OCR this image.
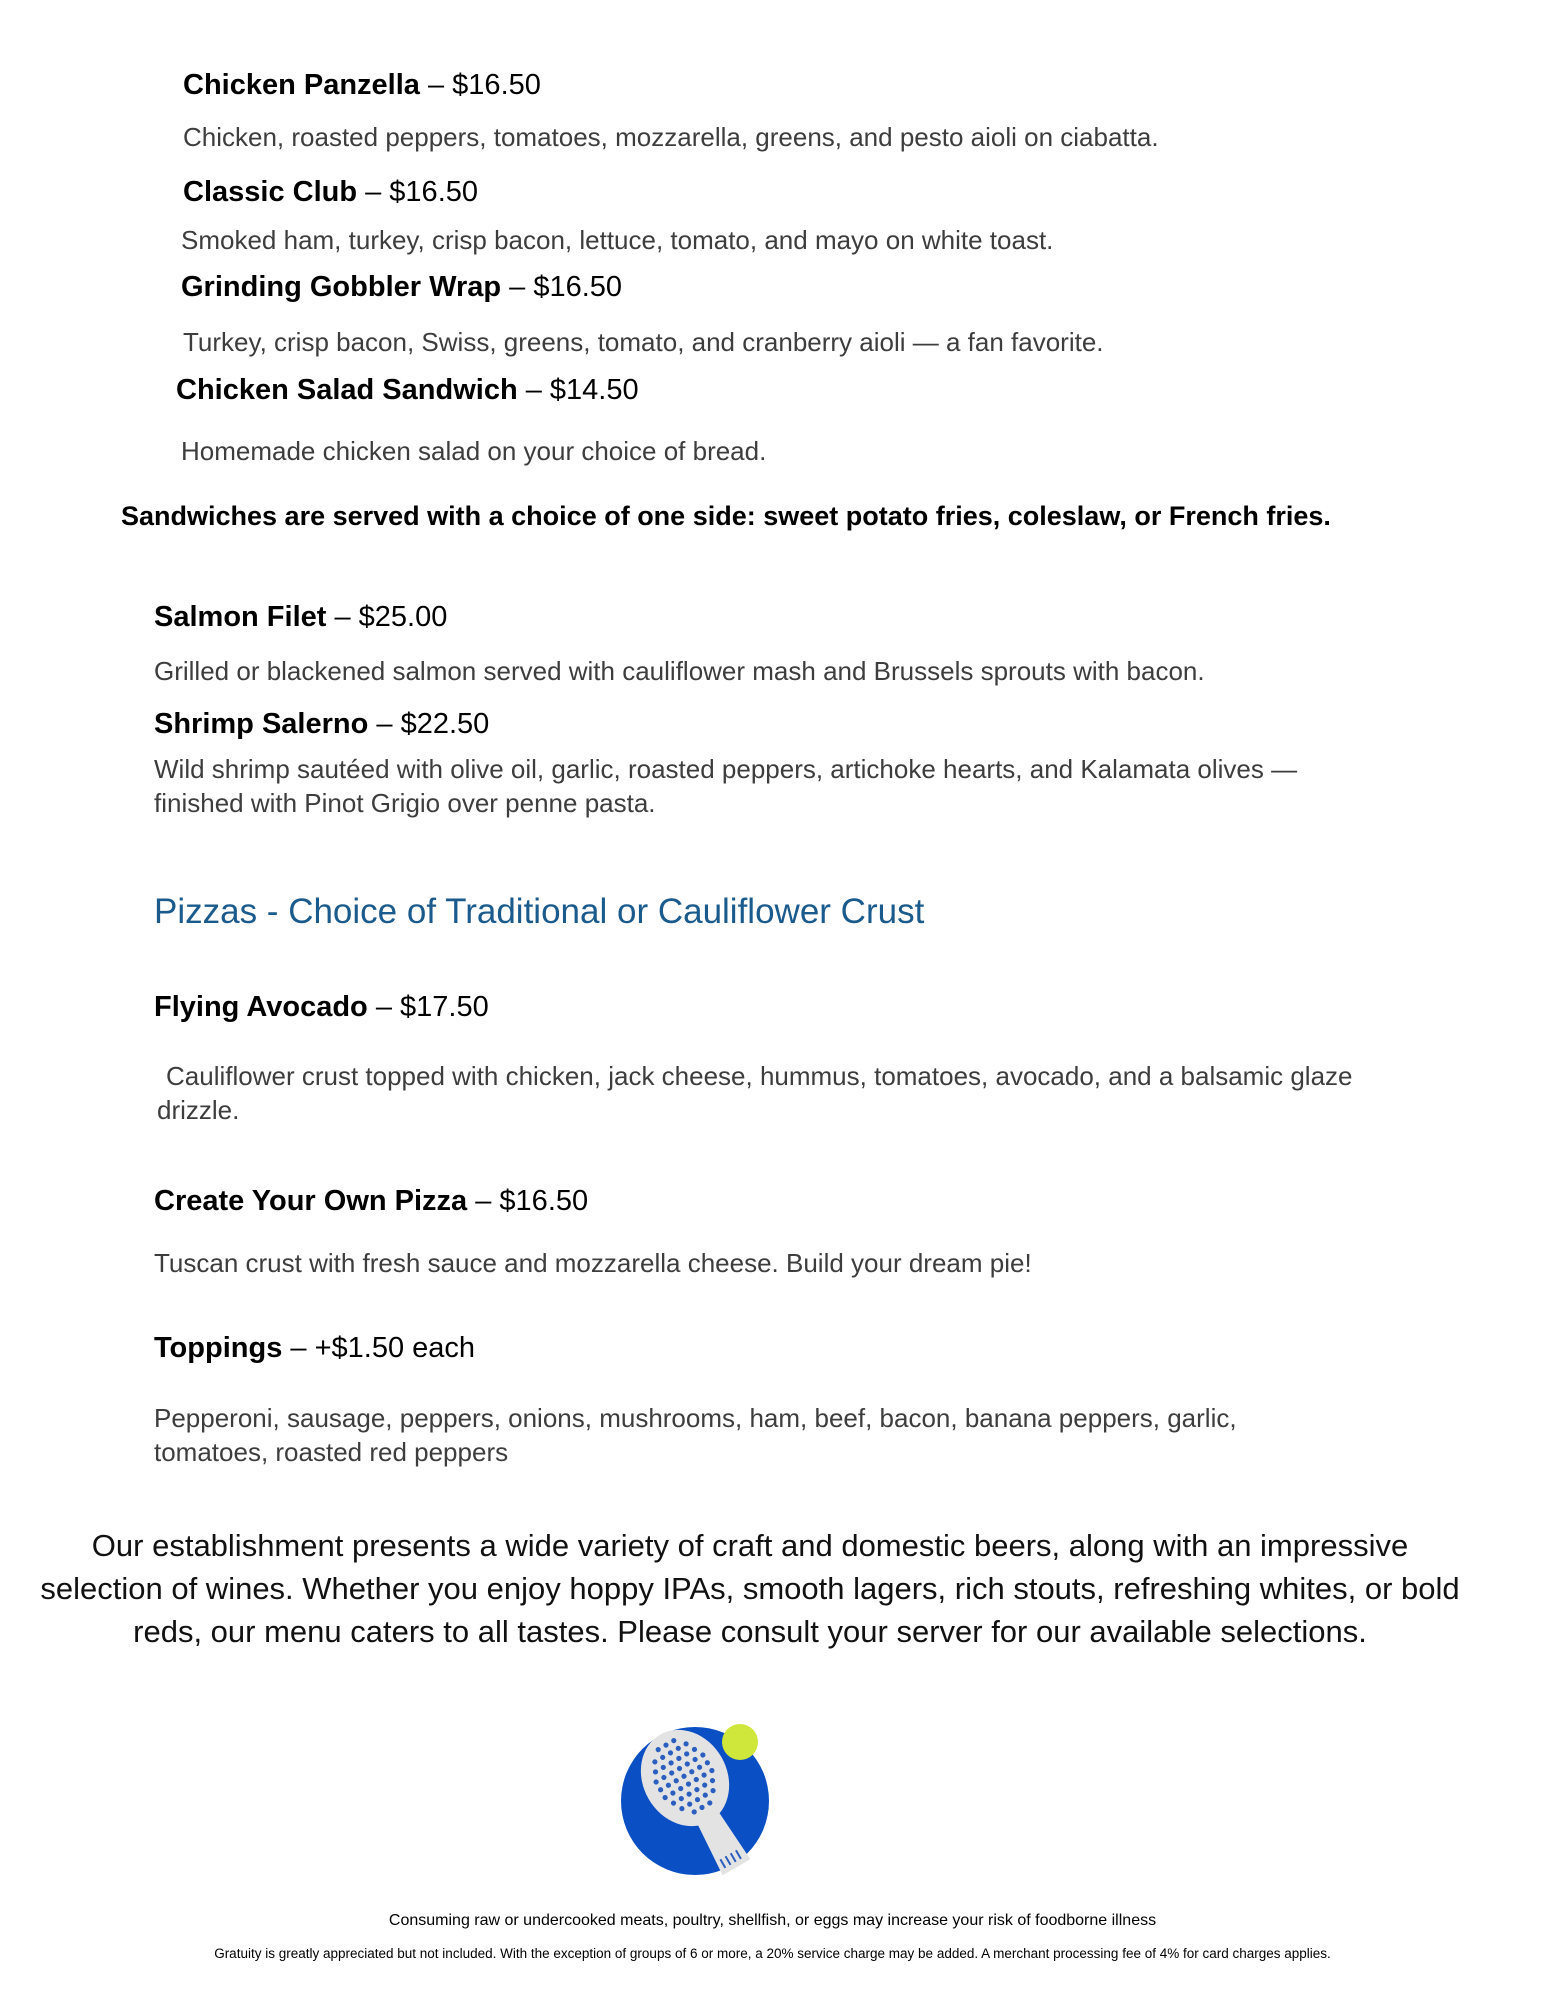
Chicken Panzella – $16.50
Chicken, roasted peppers, tomatoes, mozzarella, greens, and pesto aioli on ciabatta.
Classic Club – $16.50
Smoked ham, turkey, crisp bacon, lettuce, tomato, and mayo on white toast.
Grinding Gobbler Wrap – $16.50
Turkey, crisp bacon, Swiss, greens, tomato, and cranberry aioli — a fan favorite.
Chicken Salad Sandwich – $14.50
Homemade chicken salad on your choice of bread.
Sandwiches are served with a choice of one side: sweet potato fries, coleslaw, or French fries.
Salmon Filet – $25.00
Grilled or blackened salmon served with cauliflower mash and Brussels sprouts with bacon.
Shrimp Salerno – $22.50
Wild shrimp sautéed with olive oil, garlic, roasted peppers, artichoke hearts, and Kalamata olives — finished with Pinot Grigio over penne pasta.
Pizzas - Choice of Traditional or Cauliflower Crust
Flying Avocado – $17.50
Cauliflower crust topped with chicken, jack cheese, hummus, tomatoes, avocado, and a balsamic glaze drizzle.
Create Your Own Pizza – $16.50
Tuscan crust with fresh sauce and mozzarella cheese. Build your dream pie!
Toppings – +$1.50 each
Pepperoni, sausage, peppers, onions, mushrooms, ham, beef, bacon, banana peppers, garlic, tomatoes, roasted red peppers
Our establishment presents a wide variety of craft and domestic beers, along with an impressive selection of wines. Whether you enjoy hoppy IPAs, smooth lagers, rich stouts, refreshing whites, or bold reds, our menu caters to all tastes. Please consult your server for our available selections.
Consuming raw or undercooked meats, poultry, shellfish, or eggs may increase your risk of foodborne illness
Gratuity is greatly appreciated but not included. With the exception of groups of 6 or more, a 20% service charge may be added. A merchant processing fee of 4% for card charges applies.
